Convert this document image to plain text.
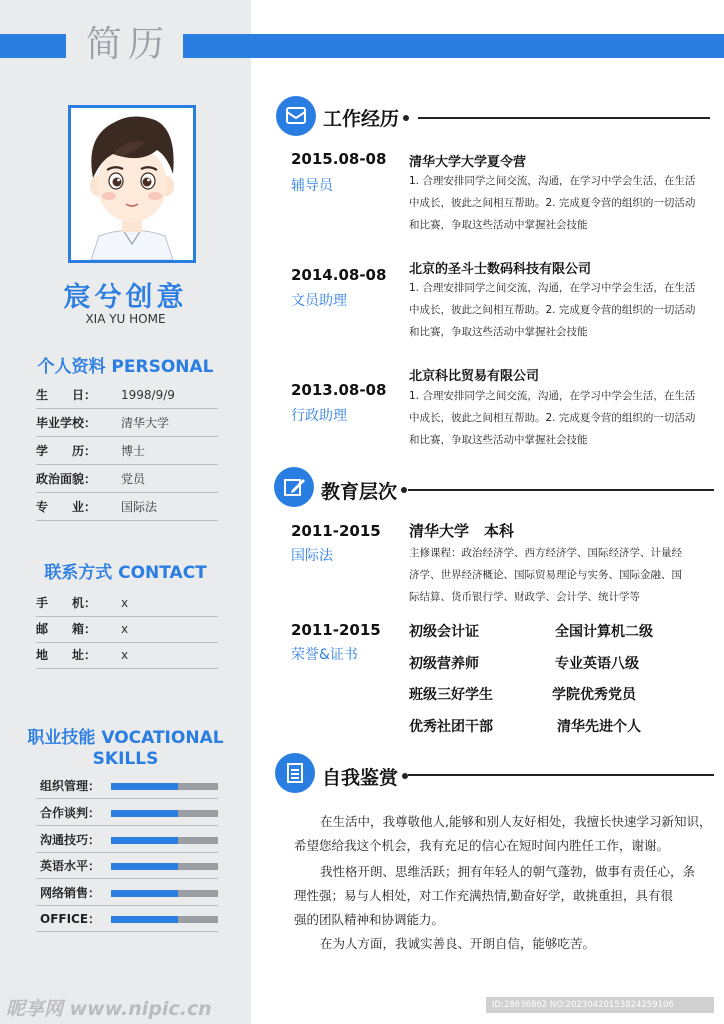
简历
宸兮创意
XIA YU HOME
个人资料 PERSONAL
生　　日： 1998/9/9
毕业学校： 清华大学
学　　历： 博士
政治面貌： 党员
专　　业： 国际法
联系方式 CONTACT
手　　机： x
邮　　箱： x
地　　址： x
职业技能 VOCATIONAL
SKILLS
组织管理：
合作谈判：
沟通技巧：
英语水平：
网络销售：
OFFICE：
工作经历
2015.08-08
辅导员
清华大学大学夏令营
1. 合理安排同学之间交流，沟通，在学习中学会生活，在生活
中成长，彼此之间相互帮助。2. 完成夏令营的组织的一切活动
和比赛，争取这些活动中掌握社会技能
2014.08-08
文员助理
北京的圣斗士数码科技有限公司
1. 合理安排同学之间交流，沟通，在学习中学会生活，在生活
中成长，彼此之间相互帮助。2. 完成夏令营的组织的一切活动
和比赛，争取这些活动中掌握社会技能
2013.08-08
行政助理
北京科比贸易有限公司
1. 合理安排同学之间交流，沟通，在学习中学会生活，在生活
中成长，彼此之间相互帮助。2. 完成夏令营的组织的一切活动
和比赛，争取这些活动中掌握社会技能
教育层次
2011-2015
国际法
清华大学　本科
主修课程：政治经济学、西方经济学、国际经济学、计量经
济学、世界经济概论、国际贸易理论与实务、国际金融、国
际结算、货币银行学、财政学、会计学、统计学等
2011-2015
荣誉&证书
初级会计证	全国计算机二级
初级营养师	专业英语八级
班级三好学生	学院优秀党员
优秀社团干部	清华先进个人
自我鉴赏
在生活中，我尊敬他人,能够和别人友好相处，我擅长快速学习新知识，
希望您给我这个机会，我有充足的信心在短时间内胜任工作，谢谢。
我性格开朗、思维活跃；拥有年轻人的朝气蓬勃，做事有责任心，条
理性强；易与人相处，对工作充满热情,勤奋好学，敢挑重担，具有很
强的团队精神和协调能力。
在为人方面，我诚实善良、开朗自信，能够吃苦。
昵享网 www.nipic.cn	ID:28636862 NO:20230420153824259106
